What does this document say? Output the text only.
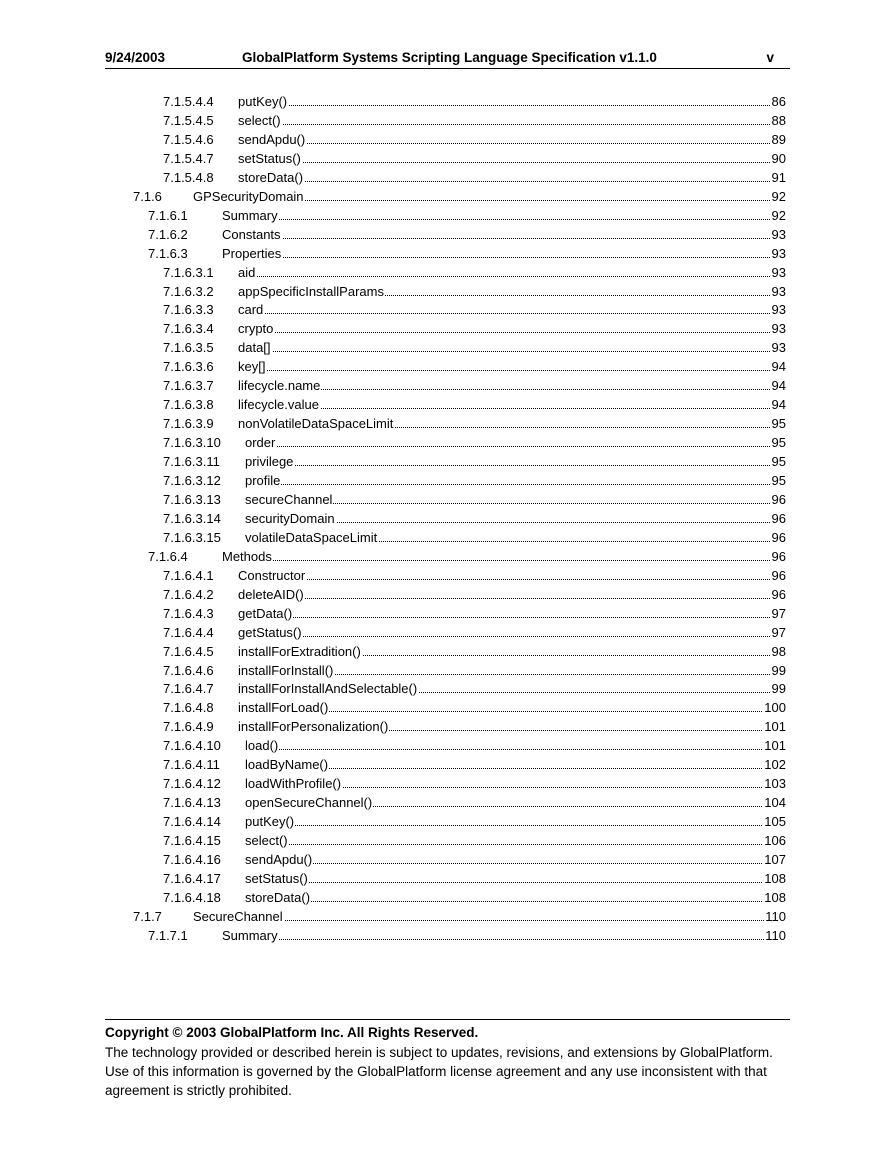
9/24/2003	GlobalPlatform Systems Scripting Language Specification v1.1.0	v
7.1.5.4.4 putKey()	86
7.1.5.4.5 select()	88
7.1.5.4.6 sendApdu()	89
7.1.5.4.7 setStatus()	90
7.1.5.4.8 storeData()	91
7.1.6 GPSecurityDomain	92
7.1.6.1	Summary	92
7.1.6.2	Constants	93
7.1.6.3	Properties	93
7.1.6.3.1 aid	93
7.1.6.3.2 appSpecificInstallParams	93
7.1.6.3.3 card	93
7.1.6.3.4 crypto	93
7.1.6.3.5 data[]	93
7.1.6.3.6 key[]	94
7.1.6.3.7 lifecycle.name	94
7.1.6.3.8 lifecycle.value	94
7.1.6.3.9 nonVolatileDataSpaceLimit	95
7.1.6.3.10 order	95
7.1.6.3.11 privilege	95
7.1.6.3.12 profile	95
7.1.6.3.13 secureChannel	96
7.1.6.3.14 securityDomain	96
7.1.6.3.15 volatileDataSpaceLimit	96
7.1.6.4	Methods	96
7.1.6.4.1 Constructor	96
7.1.6.4.2 deleteAID()	96
7.1.6.4.3 getData()	97
7.1.6.4.4 getStatus()	97
7.1.6.4.5 installForExtradition()	98
7.1.6.4.6 installForInstall()	99
7.1.6.4.7 installForInstallAndSelectable()	99
7.1.6.4.8 installForLoad()	100
7.1.6.4.9 installForPersonalization()	101
7.1.6.4.10 load()	101
7.1.6.4.11 loadByName()	102
7.1.6.4.12 loadWithProfile()	103
7.1.6.4.13 openSecureChannel()	104
7.1.6.4.14 putKey()	105
7.1.6.4.15 select()	106
7.1.6.4.16 sendApdu()	107
7.1.6.4.17 setStatus()	108
7.1.6.4.18 storeData()	108
7.1.7 SecureChannel	110
7.1.7.1	Summary	110
Copyright © 2003 GlobalPlatform Inc. All Rights Reserved.
The technology provided or described herein is subject to updates, revisions, and extensions by GlobalPlatform. Use of this information is governed by the GlobalPlatform license agreement and any use inconsistent with that agreement is strictly prohibited.
